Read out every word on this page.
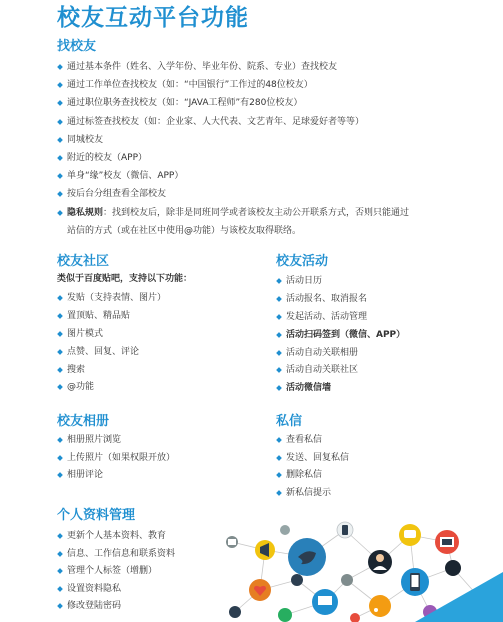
校友互动平台功能
找校友
通过基本条件（姓名、入学年份、毕业年份、院系、专业）查找校友
通过工作单位查找校友（如：“中国银行”工作过的48位校友）
通过职位职务查找校友（如：“JAVA工程师”有280位校友）
通过标签查找校友（如：企业家、人大代表、文艺青年、足球爱好者等等）
同城校友
附近的校友（APP）
单身“缘”校友（微信、APP）
按后台分组查看全部校友
隐私规则：找到校友后，除非是同班同学或者该校友主动公开联系方式，否则只能通过
站信的方式（或在社区中使用@功能）与该校友取得联络。
校友社区
类似于百度贴吧，支持以下功能：
发贴（支持表情、图片）
置顶贴、精品贴
图片模式
点赞、回复、评论
搜索
@功能
校友活动
活动日历
活动报名、取消报名
发起活动、活动管理
活动扫码签到（微信、APP）
活动自动关联相册
活动自动关联社区
活动微信墙
校友相册
相册照片浏览
上传照片（如果权限开放）
相册评论
私信
查看私信
发送、回复私信
删除私信
新私信提示
个人资料管理
更新个人基本资料、教育
信息、工作信息和联系资料
管理个人标签（增删）
设置资料隐私
修改登陆密码
